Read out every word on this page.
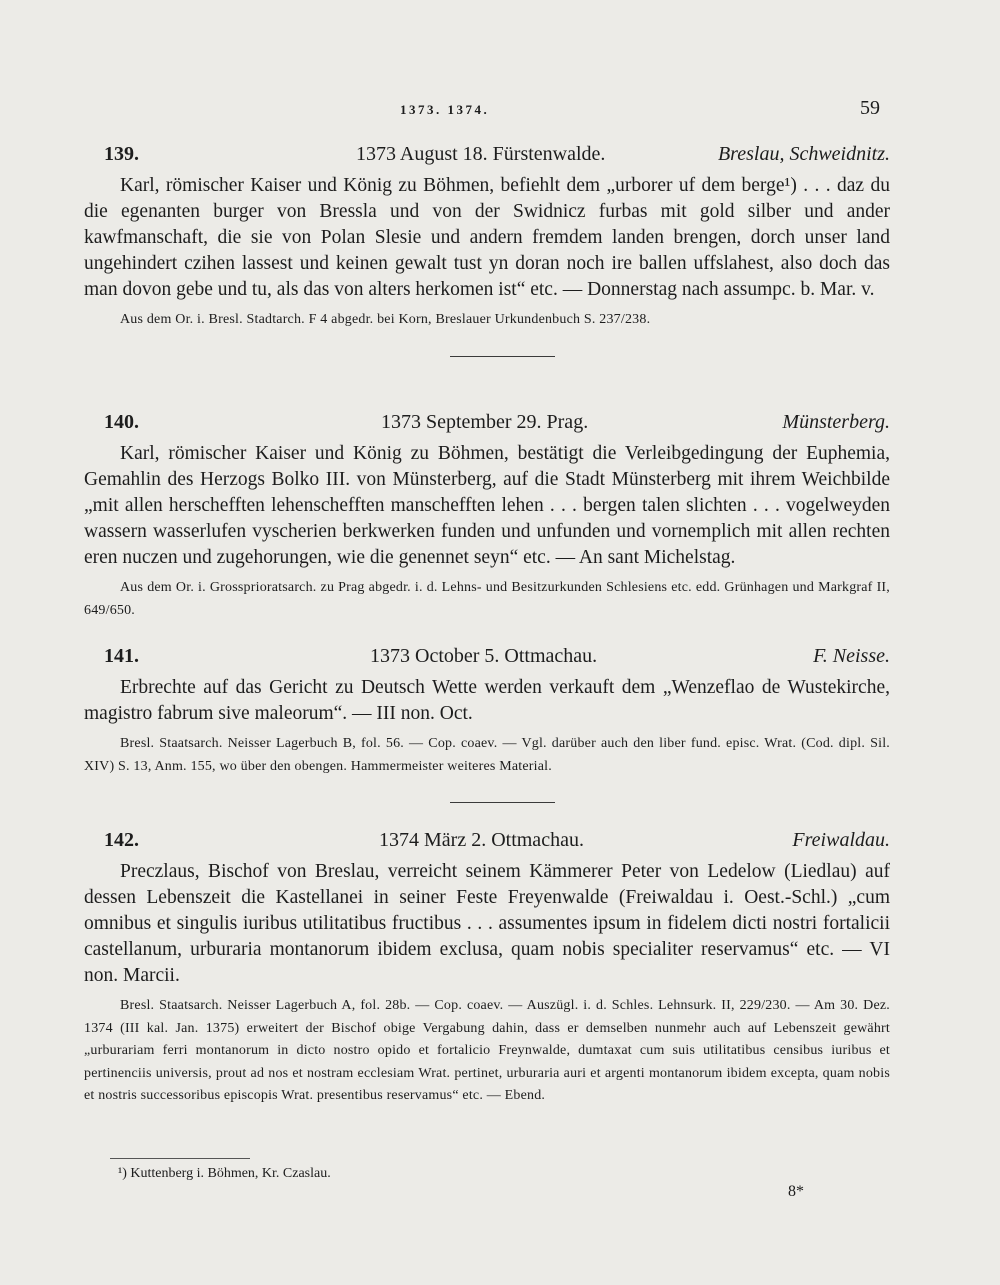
1373. 1374.	59
139.	1373 August 18. Fürstenwalde.	Breslau, Schweidnitz.

Karl, römischer Kaiser und König zu Böhmen, befiehlt dem „urborer uf dem berge¹) . . . daz du die egenanten burger von Bressla und von der Swidnicz furbas mit gold silber und ander kawfmanschaft, die sie von Polan Slesie und andern fremdem landen brengen, dorch unser land ungehindert czihen lassest und keinen gewalt tust yn doran noch ire ballen uffslahest, also doch das man dovon gebe und tu, als das von alters herkomen ist“ etc. — Donnerstag nach assumpc. b. Mar. v.

Aus dem Or. i. Bresl. Stadtarch. F 4 abgedr. bei Korn, Breslauer Urkundenbuch S. 237/238.

140.	1373 September 29. Prag.	Münsterberg.

Karl, römischer Kaiser und König zu Böhmen, bestätigt die Verleibgedingung der Euphemia, Gemahlin des Herzogs Bolko III. von Münsterberg, auf die Stadt Münsterberg mit ihrem Weichbilde „mit allen herschefften lehenschefften manschefften lehen . . . bergen talen slichten . . . vogelweyden wassern wasserlufen vyscherien berkwerken funden und unfunden und vornemplich mit allen rechten eren nuczen und zugehorungen, wie die genennet seyn“ etc. — An sant Michelstag.

Aus dem Or. i. Grossprioratsarch. zu Prag abgedr. i. d. Lehns- und Besitzurkunden Schlesiens etc. edd. Grünhagen und Markgraf II, 649/650.

141.	1373 October 5. Ottmachau.	F. Neisse.

Erbrechte auf das Gericht zu Deutsch Wette werden verkauft dem „Wenzeflao de Wustekirche, magistro fabrum sive maleorum“. — III non. Oct.

Bresl. Staatsarch. Neisser Lagerbuch B, fol. 56. — Cop. coaev. — Vgl. darüber auch den liber fund. episc. Wrat. (Cod. dipl. Sil. XIV) S. 13, Anm. 155, wo über den obengen. Hammermeister weiteres Material.

142.	1374 März 2. Ottmachau.	Freiwaldau.

Preczlaus, Bischof von Breslau, verreicht seinem Kämmerer Peter von Ledelow (Liedlau) auf dessen Lebenszeit die Kastellanei in seiner Feste Freyenwalde (Freiwaldau i. Oest.-Schl.) „cum omnibus et singulis iuribus utilitatibus fructibus . . . assumentes ipsum in fidelem dicti nostri fortalicii castellanum, urburaria montanorum ibidem exclusa, quam nobis specialiter reservamus“ etc. — VI non. Marcii.

Bresl. Staatsarch. Neisser Lagerbuch A, fol. 28b. — Cop. coaev. — Auszügl. i. d. Schles. Lehnsurk. II, 229/230. — Am 30. Dez. 1374 (III kal. Jan. 1375) erweitert der Bischof obige Vergabung dahin, dass er demselben nunmehr auch auf Lebenszeit gewährt „urburariam ferri montanorum in dicto nostro opido et fortalicio Freynwalde, dumtaxat cum suis utilitatibus censibus iuribus et pertinenciis universis, prout ad nos et nostram ecclesiam Wrat. pertinet, urburaria auri et argenti montanorum ibidem excepta, quam nobis et nostris successoribus episcopis Wrat. presentibus reservamus“ etc. — Ebend.

¹) Kuttenberg i. Böhmen, Kr. Czaslau.
8*
